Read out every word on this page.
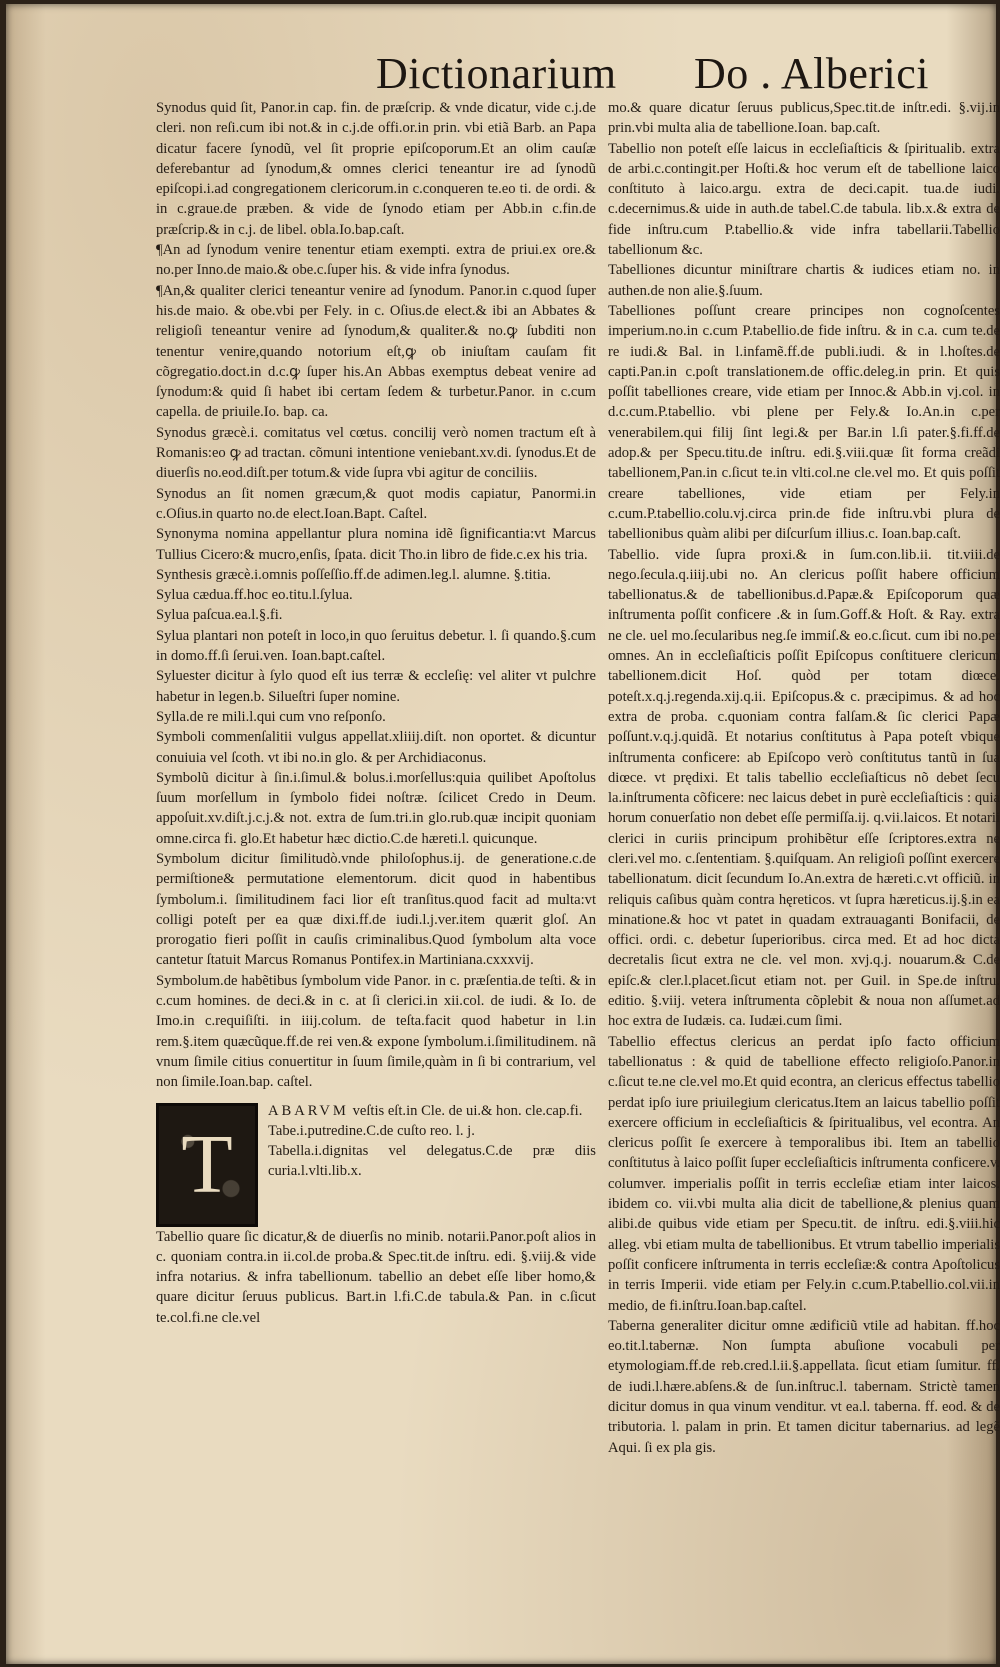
Dictionarium Do . Alberici

Synodus quid ſit, Panor.in cap. fin. de præſcrip. & vnde dicatur, vide c.j.de cleri. non reſi.cum ibi not.& in c.j.de offi.or.in prin. vbi etiã Barb. an Papa dicatur facere ſynodũ, vel ſit proprie epiſcoporum.Et an olim cauſæ deferebantur ad ſynodum,& omnes clerici teneantur ire ad ſynodũ epiſcopi.i.ad congregationem clericorum.in c.conqueren te.eo ti. de ordi. & in c.graue.de præben. & vide de ſynodo etiam per Abb.in c.fin.de præſcrip.& in c.j. de libel. obla.Io.bap.caſt.

¶An ad ſynodum venire tenentur etiam exempti. extra de priui.ex ore.& no.per Inno.de maio.& obe.c.ſuper his. & vide infra ſynodus.

¶An,& qualiter clerici teneantur venire ad ſynodum. Panor.in c.quod ſuper his.de maio. & obe.vbi per Fely. in c. Oſius.de elect.& ibi an Abbates & religioſi teneantur venire ad ſynodum,& qualiter.& no.ꝙ ſubditi non tenentur venire,quando notorium eſt,ꝙ ob iniuſtam cauſam fit cõgregatio.doct.in d.c.ꝙ ſuper his.An Abbas exemptus debeat venire ad ſynodum:& quid ſi habet ibi certam ſedem & turbetur.Panor. in c.cum capella. de priuile.Io. bap. ca.

Synodus græcè.i. comitatus vel cœtus. concilij verò nomen tractum eſt à Romanis:eo ꝙ ad tractan. cõmuni intentione veniebant.xv.di. ſynodus.Et de diuerſis no.eod.diſt.per totum.& vide ſupra vbi agitur de conciliis.

Synodus an ſit nomen græcum,& quot modis capiatur, Panormi.in c.Oſius.in quarto no.de elect.Ioan.Bapt. Caſtel.

Synonyma nomina appellantur plura nomina idẽ ſignificantia:vt Marcus Tullius Cicero:& mucro,enſis, ſpata. dicit Tho.in libro de fide.c.ex his tria.

Synthesis græcè.i.omnis poſſeſſio.ff.de adimen.leg.l. alumne. §.titia.

Sylua cædua.ff.hoc eo.titu.l.ſylua.

Sylua paſcua.ea.l.§.fi.

Sylua plantari non poteſt in loco,in quo ſeruitus debetur. l. ſi quando.§.cum in domo.ff.ſi ſerui.ven. Ioan.bapt.caſtel.

Syluester dicitur à ſylo quod eſt ius terræ & eccleſię: vel aliter vt pulchre habetur in legen.b. Silueſtri ſuper nomine.

Sylla.de re mili.l.qui cum vno reſponſo.

Symboli commenſalitii vulgus appellat.xliiij.diſt. non oportet. & dicuntur conuiuia vel ſcoth. vt ibi no.in glo. & per Archidiaconus.

Symbolũ dicitur à ſin.i.ſimul.& bolus.i.morſellus:quia quilibet Apoſtolus ſuum morſellum in ſymbolo fidei noſtræ. ſcilicet Credo in Deum. appoſuit.xv.diſt.j.c.j.& not. extra de ſum.tri.in glo.rub.quæ incipit quoniam omne.circa fi. glo.Et habetur hæc dictio.C.de hæreti.l. quicunque.

Symbolum dicitur ſimilitudò.vnde philoſophus.ij. de generatione.c.de permiſtione& permutatione elementorum. dicit quod in habentibus ſymbolum.i. ſimilitudinem faci lior eſt tranſitus.quod facit ad multa:vt colligi poteſt per ea quæ dixi.ff.de iudi.l.j.ver.item quærit gloſ. An prorogatio fieri poſſit in cauſis criminalibus.Quod ſymbolum alta voce cantetur ſtatuit Marcus Romanus Pontifex.in Martiniana.cxxxvij.

Symbolum.de habẽtibus ſymbolum vide Panor. in c. præſentia.de teſti. & in c.cum homines. de deci.& in c. at ſi clerici.in xii.col. de iudi. & Io. de Imo.in c.requiſiſti. in iiij.colum. de teſta.facit quod habetur in l.in rem.§.item quæcũque.ff.de rei ven.& expone ſymbolum.i.ſimilitudinem. nã vnum ſimile citius conuertitur in ſuum ſimile,quàm in ſi bi contrarium, vel non ſimile.Ioan.bap. caſtel.

T

ABARVM veſtis eſt.in Cle. de ui.& hon. cle.cap.fi.

Tabe.i.putredine.C.de cuſto reo. l. j.

Tabella.i.dignitas vel delegatus.C.de præ diis curia.l.vlti.lib.x.

Tabellio quare ſic dicatur,& de diuerſis no minib. notarii.Panor.poſt alios in c. quoniam contra.in ii.col.de proba.& Spec.tit.de inſtru. edi. §.viij.& vide infra notarius. & infra tabellionum. tabellio an debet eſſe liber homo,& quare dicitur ſeruus publicus. Bart.in l.fi.C.de tabula.& Pan. in c.ſicut te.col.fi.ne cle.vel

mo.& quare dicatur ſeruus publicus,Spec.tit.de inſtr.edi. §.vij.in prin.vbi multa alia de tabellione.Ioan. bap.caſt.

Tabellio non poteſt eſſe laicus in eccleſiaſticis & ſpiritualib. extra de arbi.c.contingit.per Hoſti.& hoc verum eſt de tabellione laico conſtituto à laico.argu. extra de deci.capit. tua.de iudi. c.decernimus.& uide in auth.de tabel.C.de tabula. lib.x.& extra de fide inſtru.cum P.tabellio.& vide infra tabellarii.Tabellio tabellionum &c.

Tabelliones dicuntur miniſtrare chartis & iudices etiam no. in authen.de non alie.§.ſuum.

Tabelliones poſſunt creare principes non cognoſcentes imperium.no.in c.cum P.tabellio.de fide inſtru. & in c.a. cum te.de re iudi.& Bal. in l.infamẽ.ff.de publi.iudi. & in l.hoſtes.de capti.Pan.in c.poſt translationem.de offic.deleg.in prin. Et quis poſſit tabelliones creare, vide etiam per Innoc.& Abb.in vj.col. in d.c.cum.P.tabellio. vbi plene per Fely.& Io.An.in c.per venerabilem.qui filij ſint legi.& per Bar.in l.ſi pater.§.fi.ff.de adop.& per Specu.titu.de inſtru. edi.§.viii.quæ ſit forma creãdi tabellionem,Pan.in c.ſicut te.in vlti.col.ne cle.vel mo. Et quis poſſit creare tabelliones, vide etiam per Fely.in c.cum.P.tabellio.colu.vj.circa prin.de fide inſtru.vbi plura de tabellionibus quàm alibi per diſcurſum illius.c. Ioan.bap.caſt.

Tabellio. vide ſupra proxi.& in ſum.con.lib.ii. tit.viii.de nego.ſecula.q.iiij.ubi no. An clericus poſſit habere officium tabellionatus.& de tabellionibus.d.Papæ.& Epiſcoporum quæ inſtrumenta poſſit conficere .& in ſum.Goff.& Hoſt. & Ray. extra ne cle. uel mo.ſecularibus neg.ſe immiſ.& eo.c.ſicut. cum ibi no.per omnes. An in eccleſiaſticis poſſit Epiſcopus conſtituere clericum tabellionem.dicit Hoſ. quòd per totam diœce. poteſt.x.q.j.regenda.xij.q.ii. Epiſcopus.& c. præcipimus. & ad hoc extra de proba. c.quoniam contra falſam.& ſic clerici Papæ poſſunt.v.q.j.quidã. Et notarius conſtitutus à Papa poteſt vbique inſtrumenta conficere: ab Epiſcopo verò conſtitutus tantũ in ſua diœce. vt prędixi. Et talis tabellio eccleſiaſticus nõ debet ſecu la.inſtrumenta cõficere: nec laicus debet in purè eccleſiaſticis : quia horum conuerſatio non debet eſſe permiſſa.ij. q.vii.laicos. Et notarii clerici in curiis principum prohibẽtur eſſe ſcriptores.extra ne cleri.vel mo. c.ſententiam. §.quiſquam. An religioſi poſſint exercere tabellionatum. dicit ſecundum Io.An.extra de hæreti.c.vt officiũ. in reliquis caſibus quàm contra hęreticos. vt ſupra hæreticus.ij.§.in ea minatione.& hoc vt patet in quadam extrauaganti Bonifacii, de offici. ordi. c. debetur ſuperioribus. circa med. Et ad hoc dicta decretalis ſicut extra ne cle. vel mon. xvj.q.j. nouarum.& C.de epiſc.& cler.l.placet.ſicut etiam not. per Guil. in Spe.de inſtru. editio. §.viij. vetera inſtrumenta cõplebit & noua non aſſumet.ad hoc extra de Iudæis. ca. Iudæi.cum ſimi.

Tabellio effectus clericus an perdat ipſo facto officium tabellionatus : & quid de tabellione effecto religioſo.Panor.in c.ſicut te.ne cle.vel mo.Et quid econtra, an clericus effectus tabellio perdat ipſo iure priuilegium clericatus.Item an laicus tabellio poſſit exercere officium in eccleſiaſticis & ſpiritualibus, vel econtra. An clericus poſſit ſe exercere à temporalibus ibi. Item an tabellio conſtitutus à laico poſſit ſuper eccleſiaſticis inſtrumenta conficere.v. columver. imperialis poſſit in terris eccleſiæ etiam inter laicos. ibidem co. vii.vbi multa alia dicit de tabellione,& plenius quam alibi.de quibus vide etiam per Specu.tit. de inſtru. edi.§.viii.hic alleg. vbi etiam multa de tabellionibus. Et vtrum tabellio imperialis poſſit conficere inſtrumenta in terris eccleſiæ:& contra Apoſtolicus in terris Imperii. vide etiam per Fely.in c.cum.P.tabellio.col.vii.in medio, de fi.inſtru.Ioan.bap.caſtel.

Taberna generaliter dicitur omne ædificiũ vtile ad habitan. ff.hoc eo.tit.l.tabernæ. Non ſumpta abuſione vocabuli per etymologiam.ff.de reb.cred.l.ii.§.appellata. ſicut etiam ſumitur. ff. de iudi.l.hære.abſens.& de ſun.inſtruc.l. tabernam. Strictè tamen dicitur domus in qua vinum venditur. vt ea.l. taberna. ff. eod. & de tributoria. l. palam in prin. Et tamen dicitur tabernarius. ad legẽ Aqui. ſi ex pla gis.
